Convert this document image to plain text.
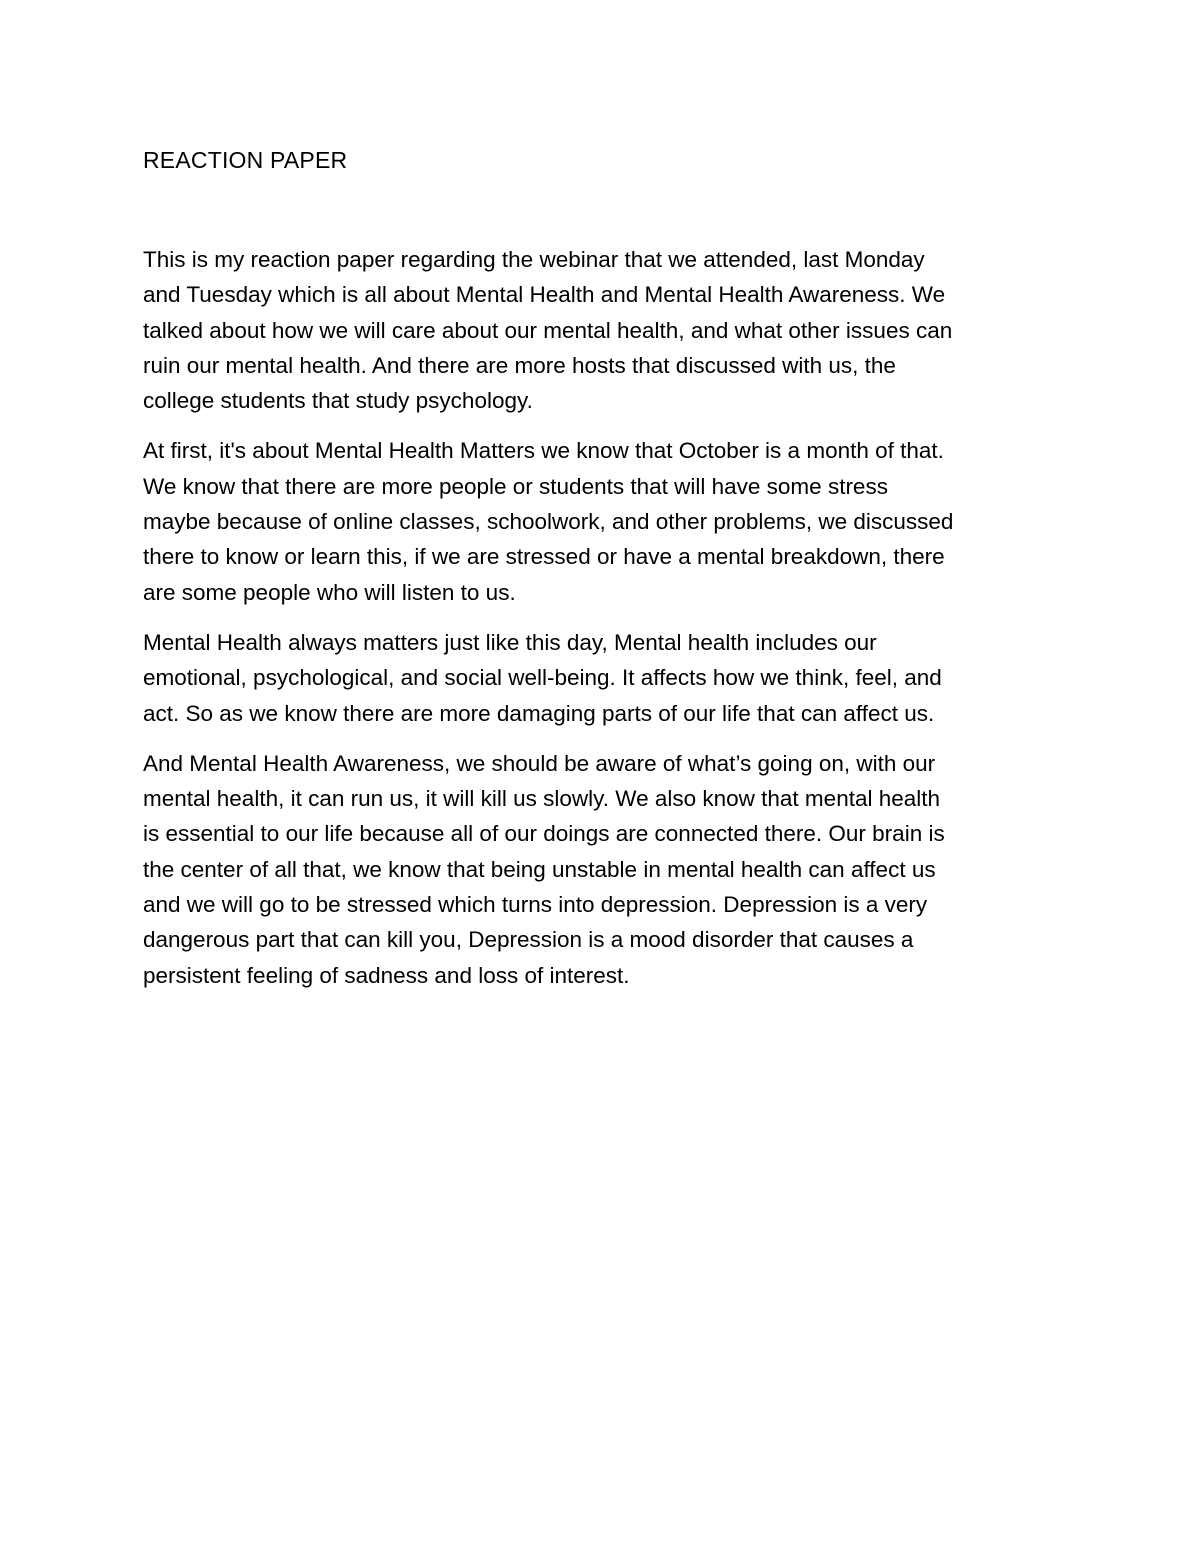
REACTION PAPER
This is my reaction paper regarding the webinar that we attended, last Monday
and Tuesday which is all about Mental Health and Mental Health Awareness. We
talked about how we will care about our mental health, and what other issues can
ruin our mental health. And there are more hosts that discussed with us, the
college students that study psychology.
At first, it's about Mental Health Matters we know that October is a month of that.
We know that there are more people or students that will have some stress
maybe because of online classes, schoolwork, and other problems, we discussed
there to know or learn this, if we are stressed or have a mental breakdown, there
are some people who will listen to us.
Mental Health always matters just like this day, Mental health includes our
emotional, psychological, and social well-being. It affects how we think, feel, and
act. So as we know there are more damaging parts of our life that can affect us.
And Mental Health Awareness, we should be aware of what’s going on, with our
mental health, it can run us, it will kill us slowly. We also know that mental health
is essential to our life because all of our doings are connected there. Our brain is
the center of all that, we know that being unstable in mental health can affect us
and we will go to be stressed which turns into depression. Depression is a very
dangerous part that can kill you, Depression is a mood disorder that causes a
persistent feeling of sadness and loss of interest.
